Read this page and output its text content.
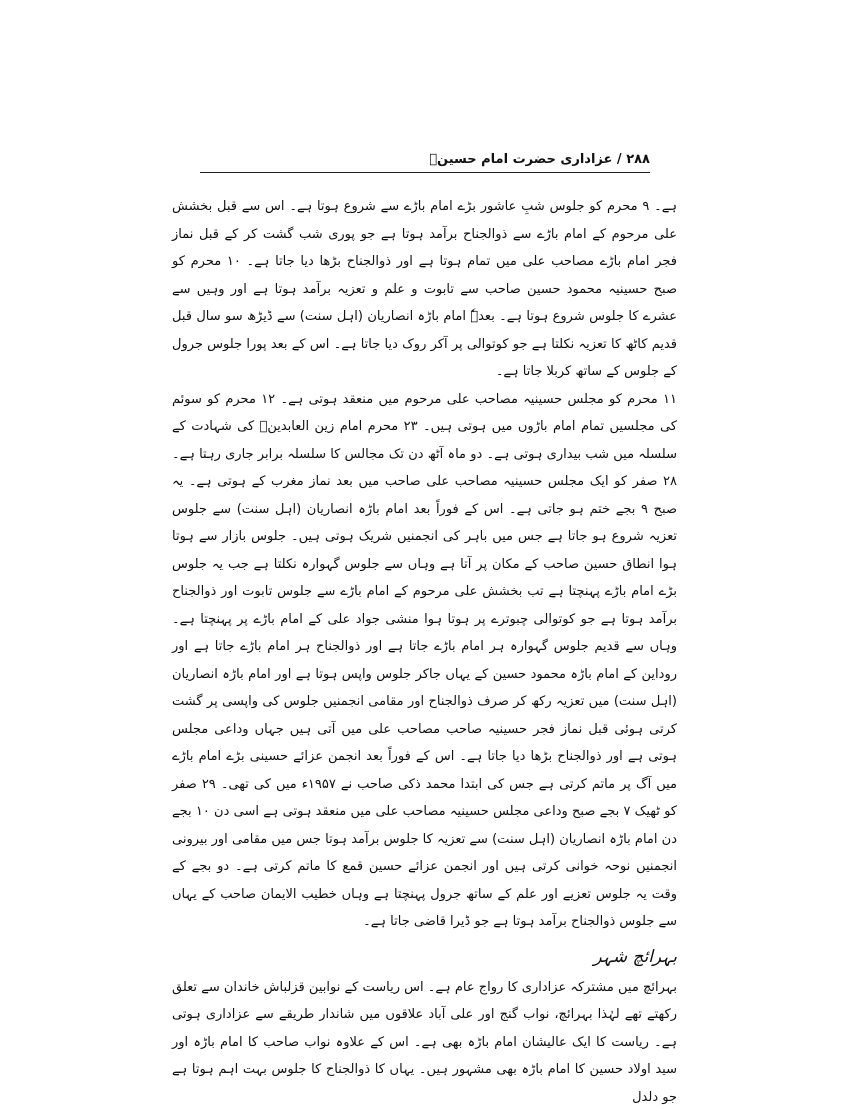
۲۸۸ / عزاداری حضرت امام حسینؑ

ہے۔ ۹ محرم کو جلوس شبِ عاشور بڑے امام باڑے سے شروع ہوتا ہے۔ اس سے قبل بخشش علی مرحوم کے امام باڑے سے ذوالجناح برآمد ہوتا ہے جو پوری شب گشت کر کے قبل نماز فجر امام باڑے مصاحب علی میں تمام ہوتا ہے اور ذوالجناح بڑھا دیا جاتا ہے۔ ۱۰ محرم کو صبح حسینیہ محمود حسین صاحب سے تابوت و علم و تعزیہ برآمد ہوتا ہے اور وہیں سے عشرے کا جلوس شروع ہوتا ہے۔ بعدہٗ امام باڑہ انصاریان (اہل سنت) سے ڈیڑھ سو سال قبل قدیم کاٹھ کا تعزیہ نکلتا ہے جو کوتوالی پر آکر روک دیا جاتا ہے۔ اس کے بعد پورا جلوس جرول کے جلوس کے ساتھ کربلا جاتا ہے۔

۱۱ محرم کو مجلس حسینیہ مصاحب علی مرحوم میں منعقد ہوتی ہے۔ ۱۲ محرم کو سوئم کی مجلسیں تمام امام باڑوں میں ہوتی ہیں۔ ۲۳ محرم امام زین العابدینؑ کی شہادت کے سلسلہ میں شب بیداری ہوتی ہے۔ دو ماہ آٹھ دن تک مجالس کا سلسلہ برابر جاری رہتا ہے۔ ۲۸ صفر کو ایک مجلس حسینیہ مصاحب علی صاحب میں بعد نماز مغرب کے ہوتی ہے۔ یہ صبح ۹ بجے ختم ہو جاتی ہے۔ اس کے فوراً بعد امام باڑہ انصاریان (اہل سنت) سے جلوس تعزیہ شروع ہو جاتا ہے جس میں باہر کی انجمنیں شریک ہوتی ہیں۔ جلوس بازار سے ہوتا ہوا انطاق حسین صاحب کے مکان پر آتا ہے وہاں سے جلوس گہوارہ نکلتا ہے جب یہ جلوس بڑے امام باڑے پہنچتا ہے تب بخشش علی مرحوم کے امام باڑے سے جلوس تابوت اور ذوالجناح برآمد ہوتا ہے جو کوتوالی چبوترے پر ہوتا ہوا منشی جواد علی کے امام باڑے پر پہنچتا ہے۔ وہاں سے قدیم جلوس گہوارہ ہر امام باڑے جاتا ہے اور ذوالجناح ہر امام باڑے جاتا ہے اور روداین کے امام باڑہ محمود حسین کے یہاں جاکر جلوس واپس ہوتا ہے اور امام باڑہ انصاریان (اہل سنت) میں تعزیہ رکھ کر صرف ذوالجناح اور مقامی انجمنیں جلوس کی واپسی پر گشت کرتی ہوئی قبل نماز فجر حسینیہ صاحب مصاحب علی میں آتی ہیں جہاں وداعی مجلس ہوتی ہے اور ذوالجناح بڑھا دیا جاتا ہے۔ اس کے فوراً بعد انجمن عزائے حسینی بڑے امام باڑے میں آگ پر ماتم کرتی ہے جس کی ابتدا محمد ذکی صاحب نے ۱۹۵۷ء میں کی تھی۔ ۲۹ صفر کو ٹھیک ۷ بجے صبح وداعی مجلس حسینیہ مصاحب علی میں منعقد ہوتی ہے اسی دن ۱۰ بجے دن امام باڑہ انصاریان (اہل سنت) سے تعزیہ کا جلوس برآمد ہوتا جس میں مقامی اور بیرونی انجمنیں نوحہ خوانی کرتی ہیں اور انجمن عزائے حسین قمع کا ماتم کرتی ہے۔ دو بجے کے وقت یہ جلوس تعزیے اور علم کے ساتھ جرول پہنچتا ہے وہاں خطیب الایمان صاحب کے یہاں سے جلوس ذوالجناح برآمد ہوتا ہے جو ڈیرا قاضی جاتا ہے۔

بہرائچ شہر

بہرائچ میں مشترکہ عزاداری کا رواج عام ہے۔ اس ریاست کے نوابین قزلباش خاندان سے تعلق رکھتے تھے لہٰذا بہرائچ، نواب گنج اور علی آباد علاقوں میں شاندار طریقے سے عزاداری ہوتی ہے۔ ریاست کا ایک عالیشان امام باڑہ بھی ہے۔ اس کے علاوہ نواب صاحب کا امام باڑہ اور سید اولاد حسین کا امام باڑہ بھی مشہور ہیں۔ یہاں کا ذوالجناح کا جلوس بہت اہم ہوتا ہے جو دلدل
